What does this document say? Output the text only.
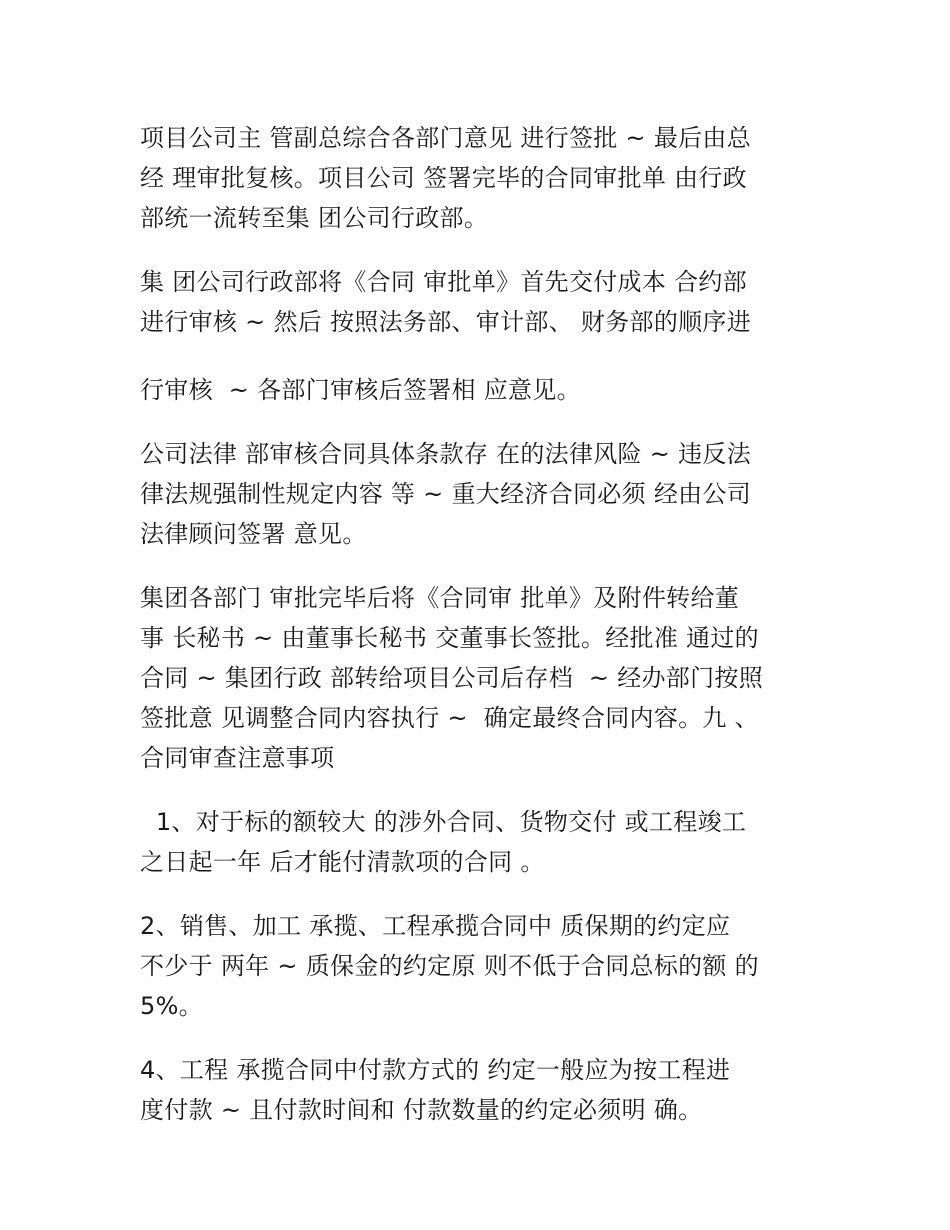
项目公司主 管副总综合各部门意见 进行签批 ~ 最后由总
经 理审批复核。项目公司 签署完毕的合同审批单 由行政
部统一流转至集 团公司行政部。

集 团公司行政部将《合同 审批单》首先交付成本 合约部
进行审核 ~ 然后 按照法务部、审计部、 财务部的顺序进

行审核  ~ 各部门审核后签署相 应意见。

公司法律 部审核合同具体条款存 在的法律风险 ~ 违反法
律法规强制性规定内容 等 ~ 重大经济合同必须 经由公司
法律顾问签署 意见。

集团各部门 审批完毕后将《合同审 批单》及附件转给董
事 长秘书 ~ 由董事长秘书 交董事长签批。经批准 通过的
合同 ~ 集团行政 部转给项目公司后存档  ~ 经办部门按照
签批意 见调整合同内容执行 ~  确定最终合同内容。九 、
合同审查注意事项

1、对于标的额较大 的涉外合同、货物交付 或工程竣工
之日起一年 后才能付清款项的合同 。

2、销售、加工 承揽、工程承揽合同中 质保期的约定应
不少于 两年 ~ 质保金的约定原 则不低于合同总标的额 的
5%。

4、工程 承揽合同中付款方式的 约定一般应为按工程进
度付款 ~ 且付款时间和 付款数量的约定必须明 确。
